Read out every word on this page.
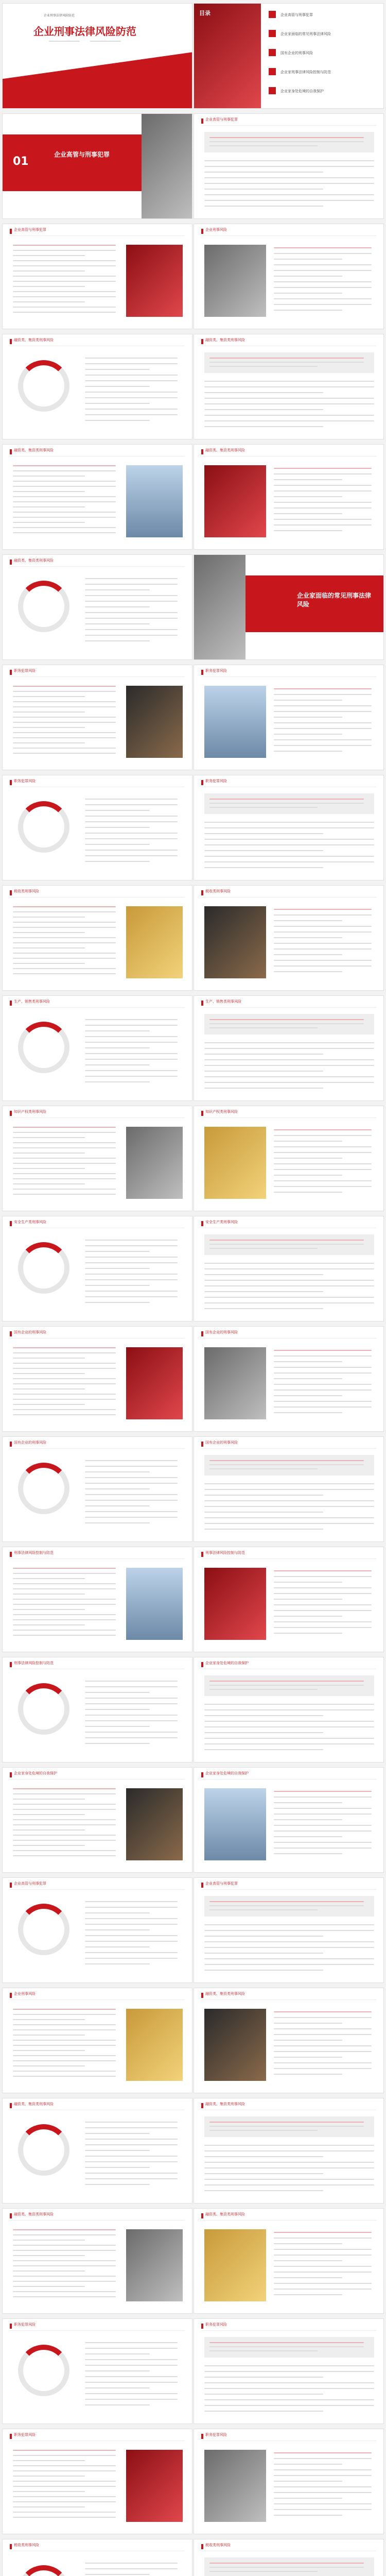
企业刑事法律风险防范
企业刑事法律风险防范
目录	企业高管与刑事犯罪
企业家面临的常见刑事法律风险
国有企业的刑事风险
企业家刑事法律风险控制与防范
企业家身处危境的自我保护
01
企业高管与刑事犯罪
企业高管与刑事犯罪
企业高管与刑事犯罪	企业刑事风险
融资类、集资类刑事风险	融资类、集资类刑事风险
融资类、集资类刑事风险	融资类、集资类刑事风险
融资类、集资类刑事风险
企业家面临的常见刑事法律风险
职务犯罪风险	职务犯罪风险
职务犯罪风险	职务犯罪风险
税收类刑事风险	税收类刑事风险
生产、销售类刑事风险	生产、销售类刑事风险
知识产权类刑事风险	知识产权类刑事风险
安全生产类刑事风险	安全生产类刑事风险
国有企业的刑事风险	国有企业的刑事风险
国有企业的刑事风险	国有企业的刑事风险
刑事法律风险控制与防范	刑事法律风险控制与防范
刑事法律风险控制与防范	企业家身处危境的自我保护
企业家身处危境的自我保护	企业家身处危境的自我保护
企业高管与刑事犯罪	企业高管与刑事犯罪
企业刑事风险	融资类、集资类刑事风险
融资类、集资类刑事风险	融资类、集资类刑事风险
融资类、集资类刑事风险	融资类、集资类刑事风险
职务犯罪风险	职务犯罪风险
职务犯罪风险	职务犯罪风险
税收类刑事风险	税收类刑事风险
